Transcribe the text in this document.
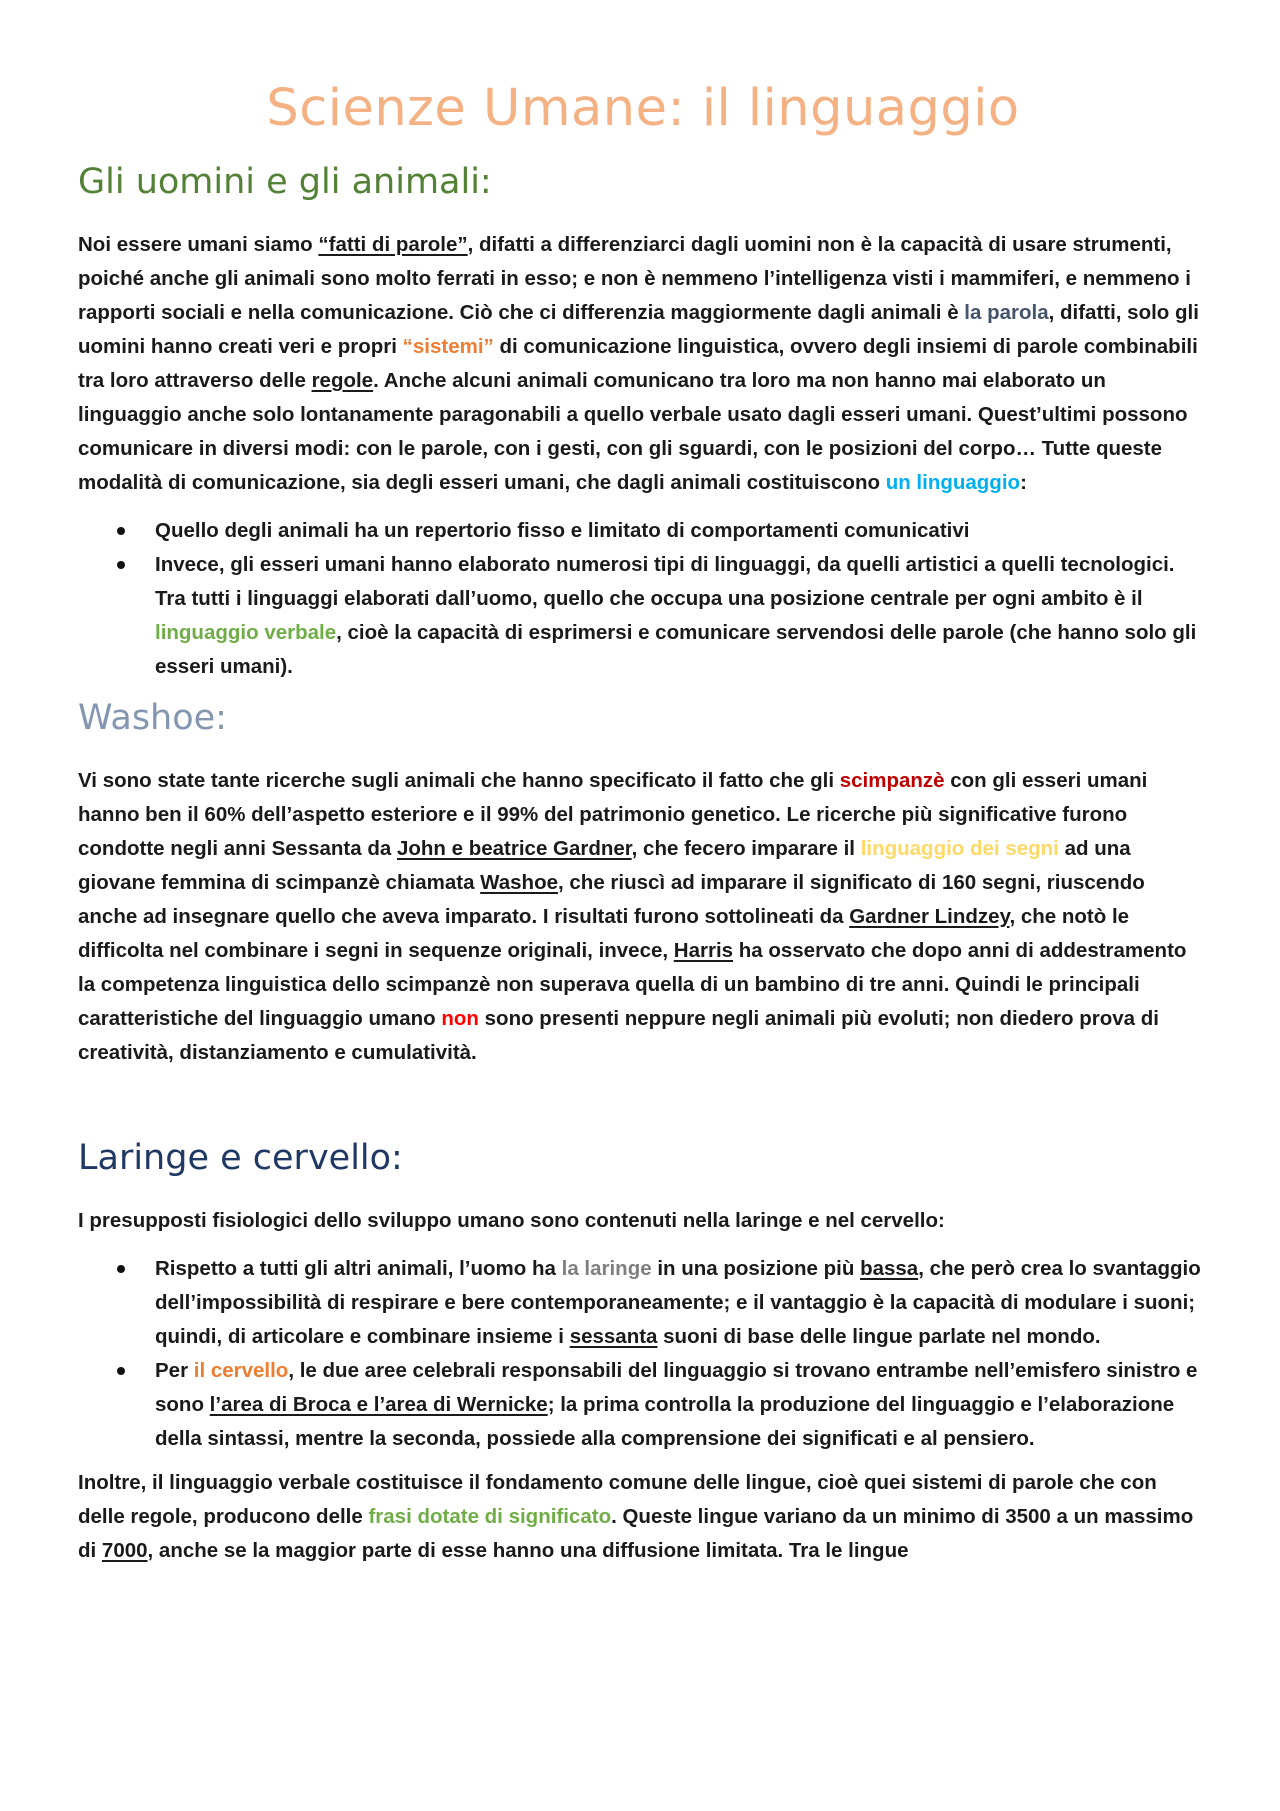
Scienze Umane: il linguaggio
Gli uomini e gli animali:

Noi essere umani siamo “fatti di parole”, difatti a differenziarci dagli uomini non è la capacità di usare strumenti, poiché anche gli animali sono molto ferrati in esso; e non è nemmeno l’intelligenza visti i mammiferi, e nemmeno i rapporti sociali e nella comunicazione. Ciò che ci differenzia maggiormente dagli animali è la parola, difatti, solo gli uomini hanno creati veri e propri “sistemi” di comunicazione linguistica, ovvero degli insiemi di parole combinabili tra loro attraverso delle regole. Anche alcuni animali comunicano tra loro ma non hanno mai elaborato un linguaggio anche solo lontanamente paragonabili a quello verbale usato dagli esseri umani. Quest’ultimi possono comunicare in diversi modi: con le parole, con i gesti, con gli sguardi, con le posizioni del corpo… Tutte queste modalità di comunicazione, sia degli esseri umani, che dagli animali costituiscono un linguaggio:

Quello degli animali ha un repertorio fisso e limitato di comportamenti comunicativi
Invece, gli esseri umani hanno elaborato numerosi tipi di linguaggi, da quelli artistici a quelli tecnologici. Tra tutti i linguaggi elaborati dall’uomo, quello che occupa una posizione centrale per ogni ambito è il linguaggio verbale, cioè la capacità di esprimersi e comunicare servendosi delle parole (che hanno solo gli esseri umani).
Washoe:

Vi sono state tante ricerche sugli animali che hanno specificato il fatto che gli scimpanzè con gli esseri umani hanno ben il 60% dell’aspetto esteriore e il 99% del patrimonio genetico. Le ricerche più significative furono condotte negli anni Sessanta da John e beatrice Gardner, che fecero imparare il linguaggio dei segni ad una giovane femmina di scimpanzè chiamata Washoe, che riuscì ad imparare il significato di 160 segni, riuscendo anche ad insegnare quello che aveva imparato. I risultati furono sottolineati da Gardner Lindzey, che notò le difficolta nel combinare i segni in sequenze originali, invece, Harris ha osservato che dopo anni di addestramento la competenza linguistica dello scimpanzè non superava quella di un bambino di tre anni. Quindi le principali caratteristiche del linguaggio umano non sono presenti neppure negli animali più evoluti; non diedero prova di creatività, distanziamento e cumulatività.

Laringe e cervello:

I presupposti fisiologici dello sviluppo umano sono contenuti nella laringe e nel cervello:

Rispetto a tutti gli altri animali, l’uomo ha la laringe in una posizione più bassa, che però crea lo svantaggio dell’impossibilità di respirare e bere contemporaneamente; e il vantaggio è la capacità di modulare i suoni; quindi, di articolare e combinare insieme i sessanta suoni di base delle lingue parlate nel mondo.
Per il cervello, le due aree celebrali responsabili del linguaggio si trovano entrambe nell’emisfero sinistro e sono l’area di Broca e l’area di Wernicke; la prima controlla la produzione del linguaggio e l’elaborazione della sintassi, mentre la seconda, possiede alla comprensione dei significati e al pensiero.

Inoltre, il linguaggio verbale costituisce il fondamento comune delle lingue, cioè quei sistemi di parole che con delle regole, producono delle frasi dotate di significato. Queste lingue variano da un minimo di 3500 a un massimo di 7000, anche se la maggior parte di esse hanno una diffusione limitata. Tra le lingue
